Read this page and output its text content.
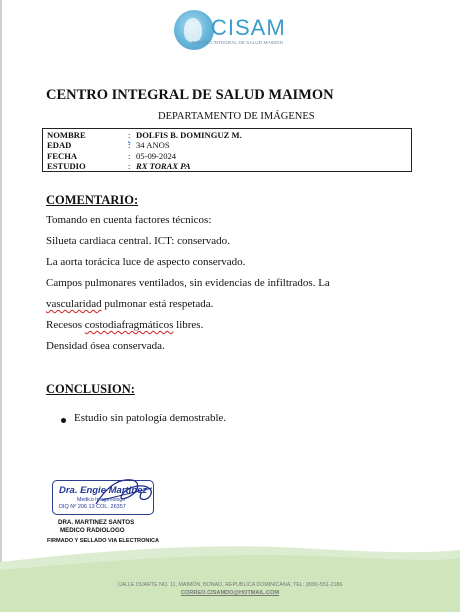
CISAM
CENTRO INTEGRAL DE SALUD MAIMON
CENTRO INTEGRAL DE SALUD MAIMON
DEPARTAMENTO DE IMÁGENES
NOMBRE	: DOLFIS B. DOMINGUZ M.
EDAD	: 34 ANOS
FECHA	: 05-09-2024
ESTUDIO	: RX TORAX PA
COMENTARIO:
Tomando en cuenta factores técnicos:
Silueta cardiaca central. ICT: conservado.
La aorta torácica luce de aspecto conservado.
Campos pulmonares ventilados, sin evidencias de infiltrados. La
vascularidad pulmonar está respetada.
Recesos costodiafragmáticos libres.
Densidad ósea conservada.
CONCLUSION:
Estudio sin patología demostrable.
Dra. Engie Martinez
Medico Imagenólogo
DIQ Nº 206 13 COL. 26357
DRA. MARTINEZ SANTOS
MEDICO RADIOLOGO
FIRMADO Y SELLADO VIA ELECTRONICA
CALLE DUARTE NO. 11, MAIMÓN, BONAO, REPUBLICA DOMINICANA, TEL: (809)-551-2186
CORREO.CISAMDO@HOTMAIL.COM
